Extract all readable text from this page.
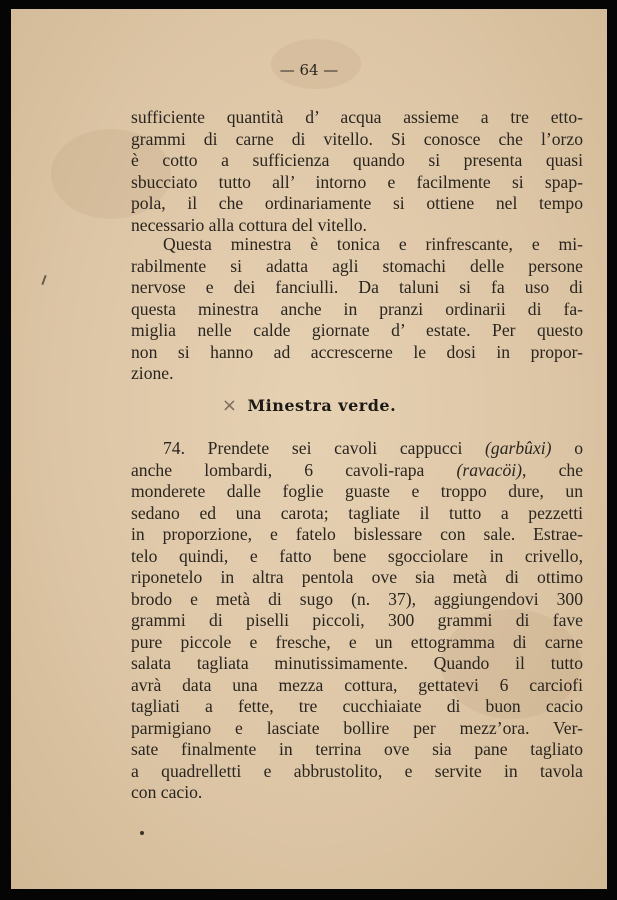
— 64 —
sufficiente quantità d’ acqua assieme a tre etto-
grammi di carne di vitello. Si conosce che l’orzo
è cotto a sufficienza quando si presenta quasi
sbucciato tutto all’ intorno e facilmente si spap-
pola, il che ordinariamente si ottiene nel tempo
necessario alla cottura del vitello.
Questa minestra è tonica e rinfrescante, e mi-
rabilmente si adatta agli stomachi delle persone
nervose e dei fanciulli. Da taluni si fa uso di
questa minestra anche in pranzi ordinarii di fa-
miglia nelle calde giornate d’ estate. Per questo
non si hanno ad accrescerne le dosi in propor-
zione.
× Minestra verde.
74. Prendete sei cavoli cappucci (garbûxi) o
anche lombardi, 6 cavoli-rapa (ravacöi), che
monderete dalle foglie guaste e troppo dure, un
sedano ed una carota; tagliate il tutto a pezzetti
in proporzione, e fatelo bislessare con sale. Estrae-
telo quindi, e fatto bene sgocciolare in crivello,
riponetelo in altra pentola ove sia metà di ottimo
brodo e metà di sugo (n. 37), aggiungendovi 300
grammi di piselli piccoli, 300 grammi di fave
pure piccole e fresche, e un ettogramma di carne
salata tagliata minutissimamente. Quando il tutto
avrà data una mezza cottura, gettatevi 6 carciofi
tagliati a fette, tre cucchiaiate di buon cacio
parmigiano e lasciate bollire per mezz’ora. Ver-
sate finalmente in terrina ove sia pane tagliato
a quadrelletti e abbrustolito, e servite in tavola
con cacio.
